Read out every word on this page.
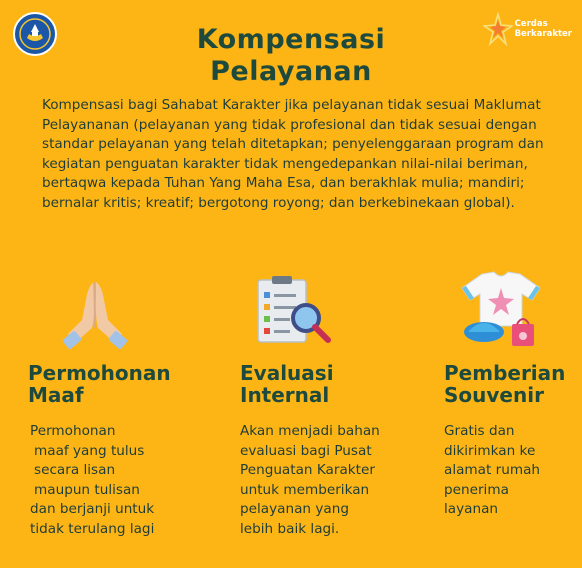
Cerdas
Berkarakter
Kompensasi
Pelayanan
Kompensasi bagi Sahabat Karakter jika pelayanan tidak sesuai Maklumat Pelayananan (pelayanan yang tidak profesional dan tidak sesuai dengan standar pelayanan yang telah ditetapkan; penyelenggaraan program dan kegiatan penguatan karakter tidak mengedepankan nilai-nilai beriman, bertaqwa kepada Tuhan Yang Maha Esa, dan berakhlak mulia; mandiri; bernalar kritis; kreatif; bergotong royong; dan berkebinekaan global).
Permohonan
Maaf

Permohonan
maaf yang tulus
secara lisan
maupun tulisan
dan berjanji untuk
tidak terulang lagi

Evaluasi
Internal

Akan menjadi bahan
evaluasi bagi Pusat
Penguatan Karakter
untuk memberikan
pelayanan yang
lebih baik lagi.

Pemberian
Souvenir

Gratis dan
dikirimkan ke
alamat rumah
penerima
layanan
